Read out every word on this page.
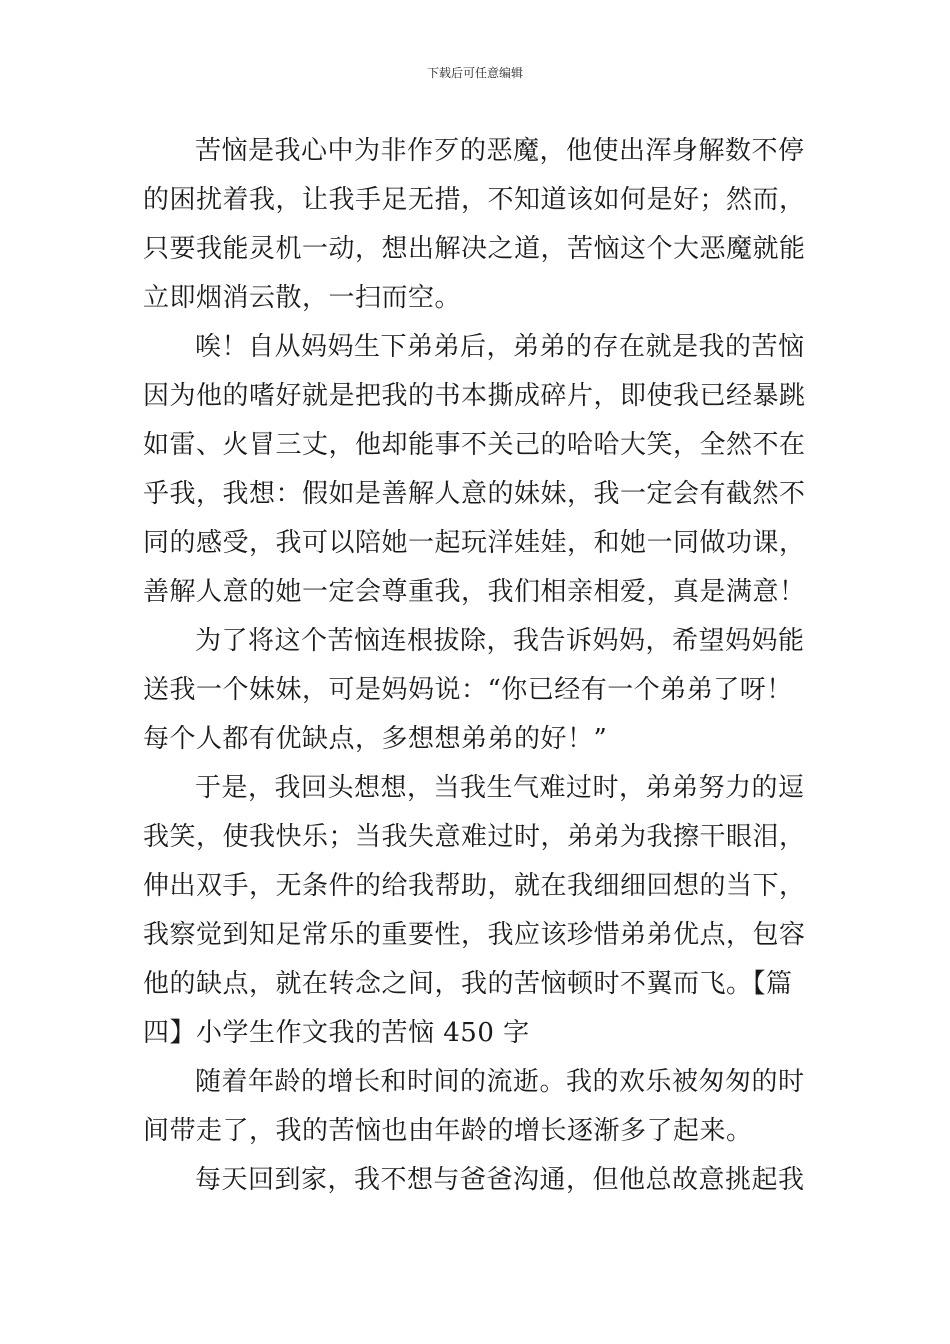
下载后可任意编辑
苦恼是我心中为非作歹的恶魔，他使出浑身解数不停
的困扰着我，让我手足无措，不知道该如何是好；然而，
只要我能灵机一动，想出解决之道，苦恼这个大恶魔就能
立即烟消云散，一扫而空。
唉！自从妈妈生下弟弟后，弟弟的存在就是我的苦恼
因为他的嗜好就是把我的书本撕成碎片，即使我已经暴跳
如雷、火冒三丈，他却能事不关己的哈哈大笑，全然不在
乎我，我想：假如是善解人意的妹妹，我一定会有截然不
同的感受，我可以陪她一起玩洋娃娃，和她一同做功课，
善解人意的她一定会尊重我，我们相亲相爱，真是满意！
为了将这个苦恼连根拔除，我告诉妈妈，希望妈妈能
送我一个妹妹，可是妈妈说：“你已经有一个弟弟了呀！
每个人都有优缺点，多想想弟弟的好！”
于是，我回头想想，当我生气难过时，弟弟努力的逗
我笑，使我快乐；当我失意难过时，弟弟为我擦干眼泪，
伸出双手，无条件的给我帮助，就在我细细回想的当下，
我察觉到知足常乐的重要性，我应该珍惜弟弟优点，包容
他的缺点，就在转念之间，我的苦恼顿时不翼而飞。【篇
四】小学生作文我的苦恼 450 字
随着年龄的增长和时间的流逝。我的欢乐被匆匆的时
间带走了，我的苦恼也由年龄的增长逐渐多了起来。
每天回到家，我不想与爸爸沟通，但他总故意挑起我
